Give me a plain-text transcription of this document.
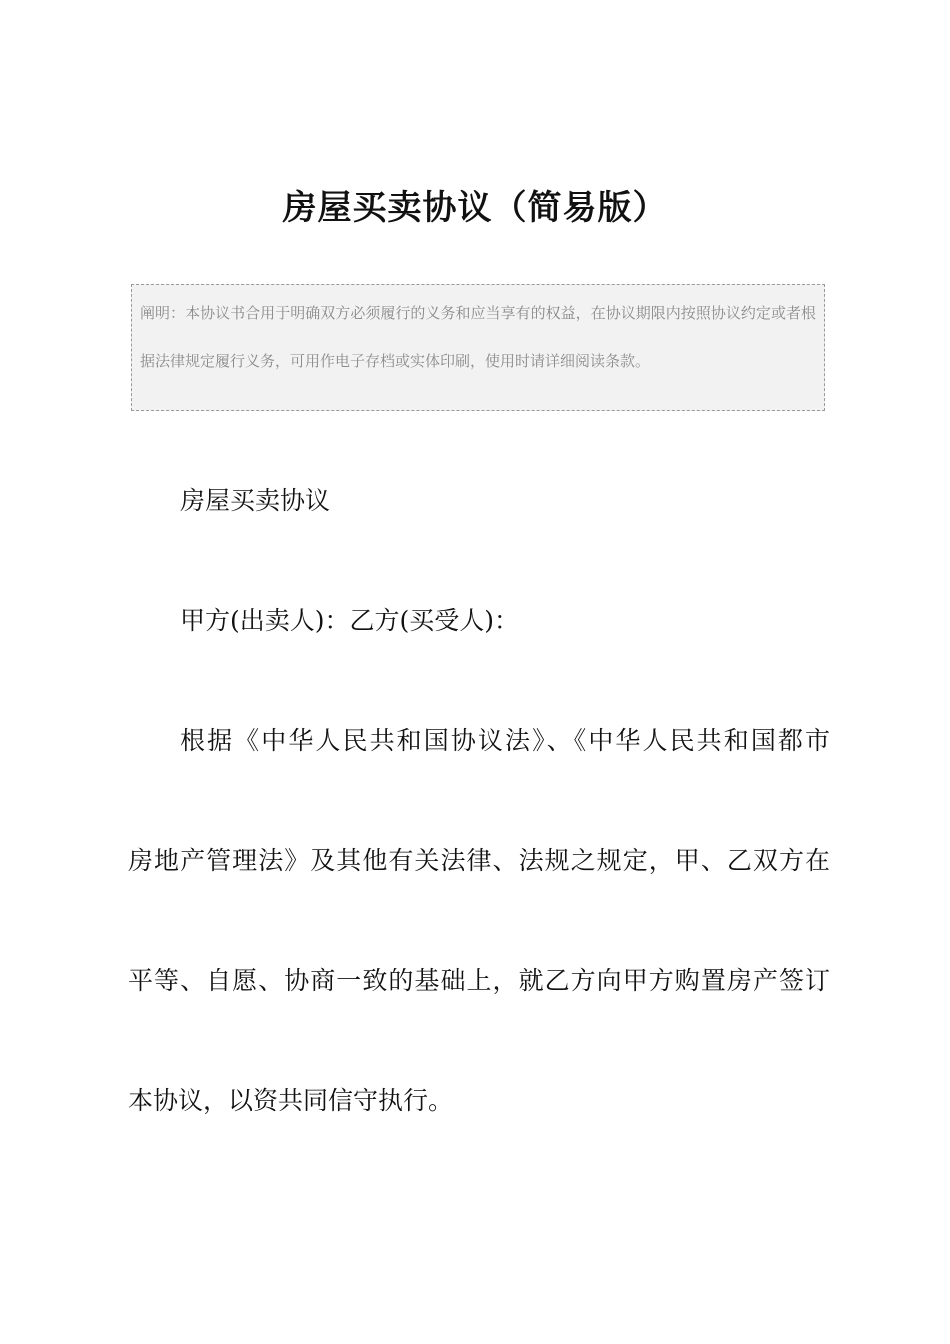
房屋买卖协议（简易版）
阐明：本协议书合用于明确双方必须履行的义务和应当享有的权益，在协议期限内按照协议约定或者根据法律规定履行义务，可用作电子存档或实体印刷，使用时请详细阅读条款。

房屋买卖协议

甲方(出卖人)：乙方(买受人)：

根据《中华人民共和国协议法》、《中华人民共和国都市

房地产管理法》及其他有关法律、法规之规定，甲、乙双方在

平等、自愿、协商一致的基础上，就乙方向甲方购置房产签订

本协议，以资共同信守执行。
